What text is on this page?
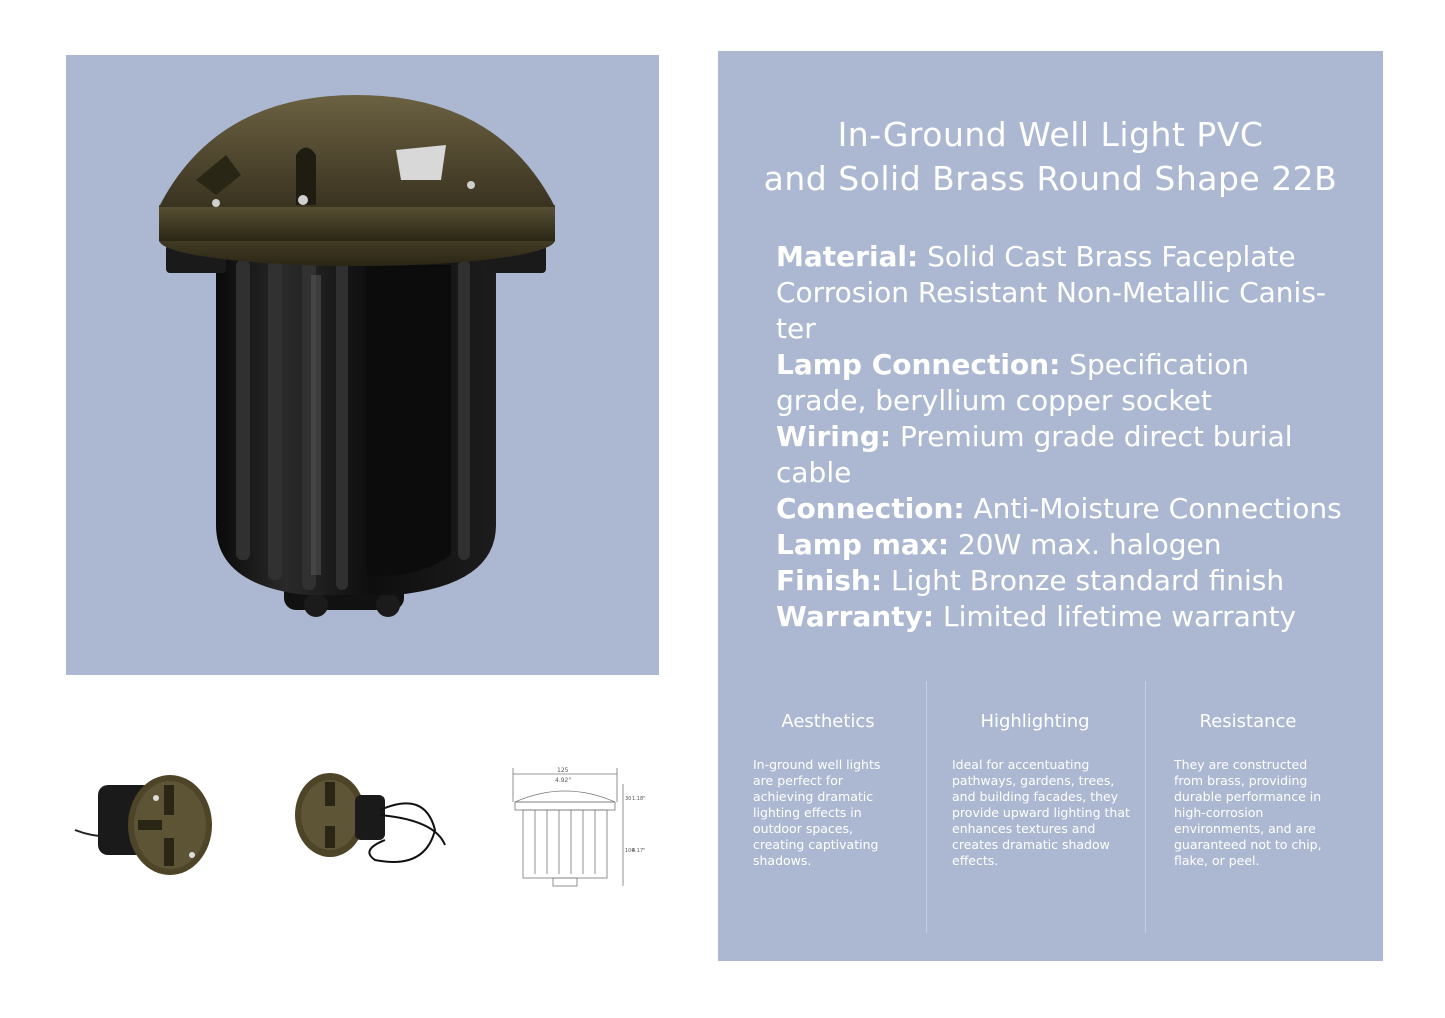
125
4.92"
30 1.18"
106
4.17"
In-Ground Well Light PVC
and Solid Brass Round Shape 22B

Material: Solid Cast Brass Faceplate Corrosion Resistant Non-Metallic Canis-ter

Lamp Connection: Specification grade, beryllium copper socket

Wiring: Premium grade direct burial cable

Connection: Anti-Moisture Connections

Lamp max: 20W max. halogen

Finish: Light Bronze standard finish

Warranty: Limited lifetime warranty

Aesthetics

In-ground well lights are perfect for achieving dramatic lighting effects in outdoor spaces, creating captivating shadows.

Highlighting

Ideal for accentuating pathways, gardens, trees, and building facades, they provide upward lighting that enhances textures and creates dramatic shadow effects.

Resistance

They are constructed from brass, providing durable performance in high-corrosion environments, and are guaranteed not to chip, flake, or peel.
